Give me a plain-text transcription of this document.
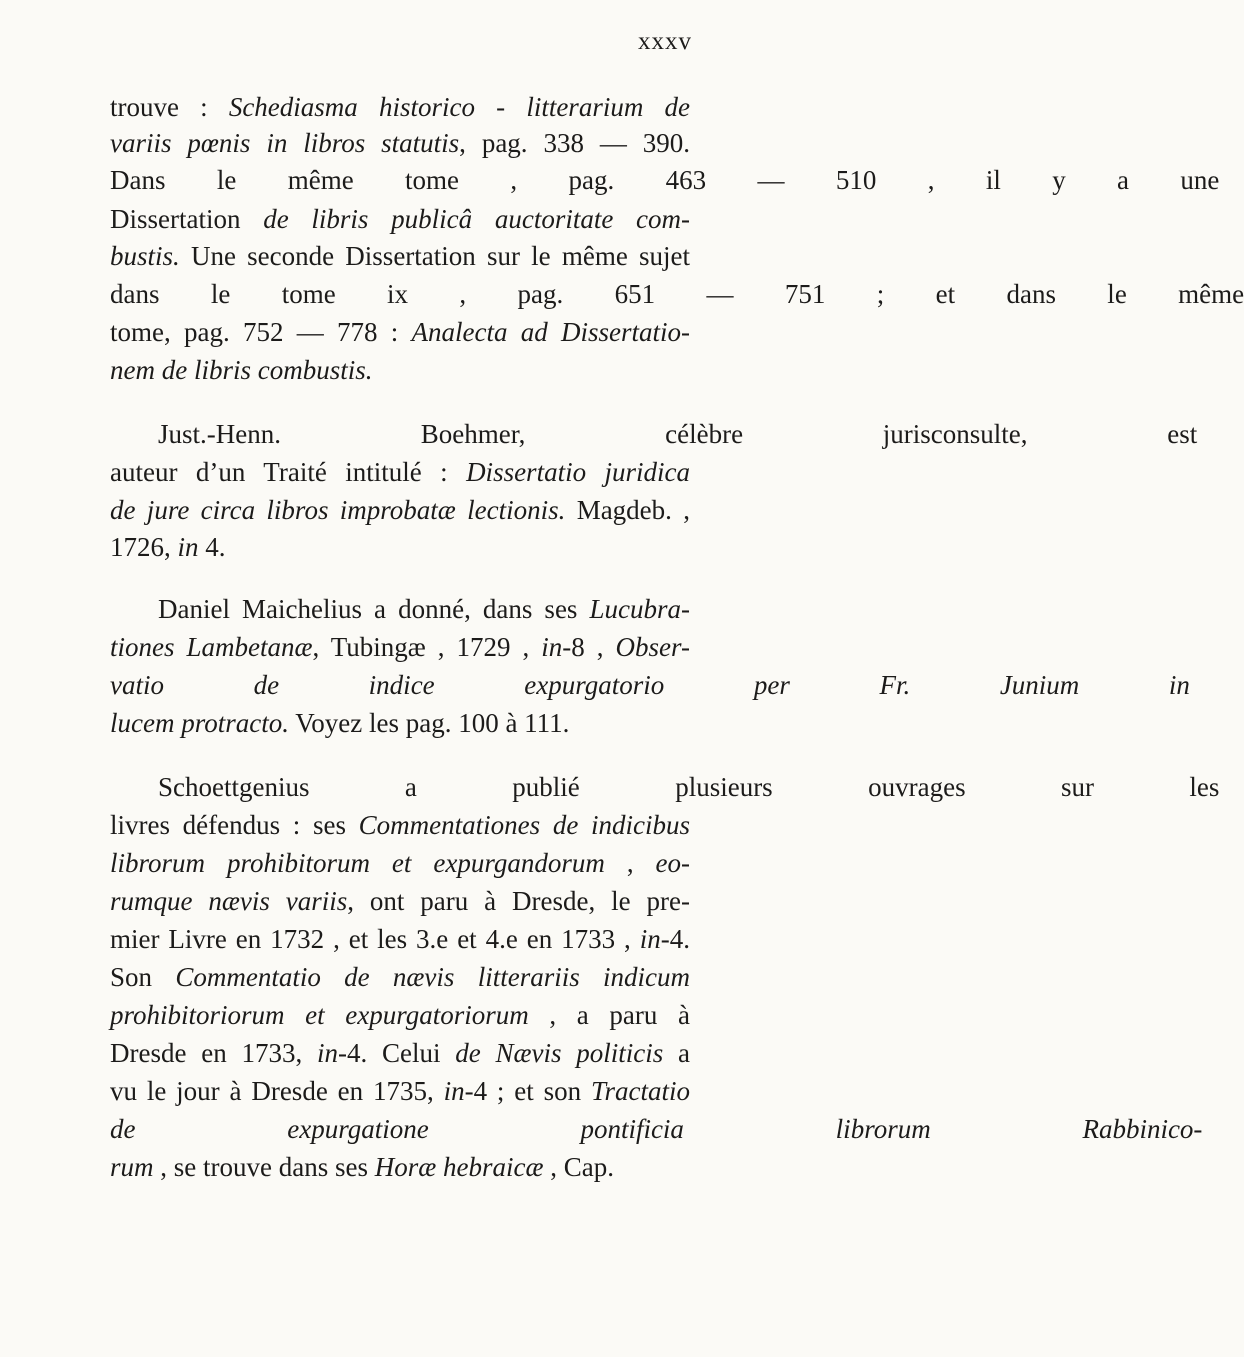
xxxv
trouve : Schediasma historico - litterarium de
variis pœnis in libros statutis, pag. 338 — 390.
Dans le même tome , pag. 463 — 510 , il y a une
Dissertation de libris publicâ auctoritate com-
bustis. Une seconde Dissertation sur le même sujet
dans le tome ix , pag. 651 — 751 ; et dans le même
tome, pag. 752 — 778 : Analecta ad Dissertatio-
nem de libris combustis.
Just.-Henn. Boehmer, célèbre jurisconsulte, est
auteur d’un Traité intitulé : Dissertatio juridica
de jure circa libros improbatæ lectionis. Magdeb. ,
1726, in 4.
Daniel Maichelius a donné, dans ses Lucubra-
tiones Lambetanæ, Tubingæ , 1729 , in-8 , Obser-
vatio de indice expurgatorio per Fr. Junium in
lucem protracto. Voyez les pag. 100 à 111.
Schoettgenius a publié plusieurs ouvrages sur les
livres défendus : ses Commentationes de indicibus
librorum prohibitorum et expurgandorum , eo-
rumque nævis variis, ont paru à Dresde, le pre-
mier Livre en 1732 , et les 3.e et 4.e en 1733 , in-4.
Son Commentatio de nævis litterariis indicum
prohibitoriorum et expurgatoriorum , a paru à
Dresde en 1733, in-4. Celui de Nævis politicis a
vu le jour à Dresde en 1735, in-4 ; et son Tractatio
de expurgatione pontificia librorum Rabbinico-
rum , se trouve dans ses Horæ hebraicæ , Cap.
